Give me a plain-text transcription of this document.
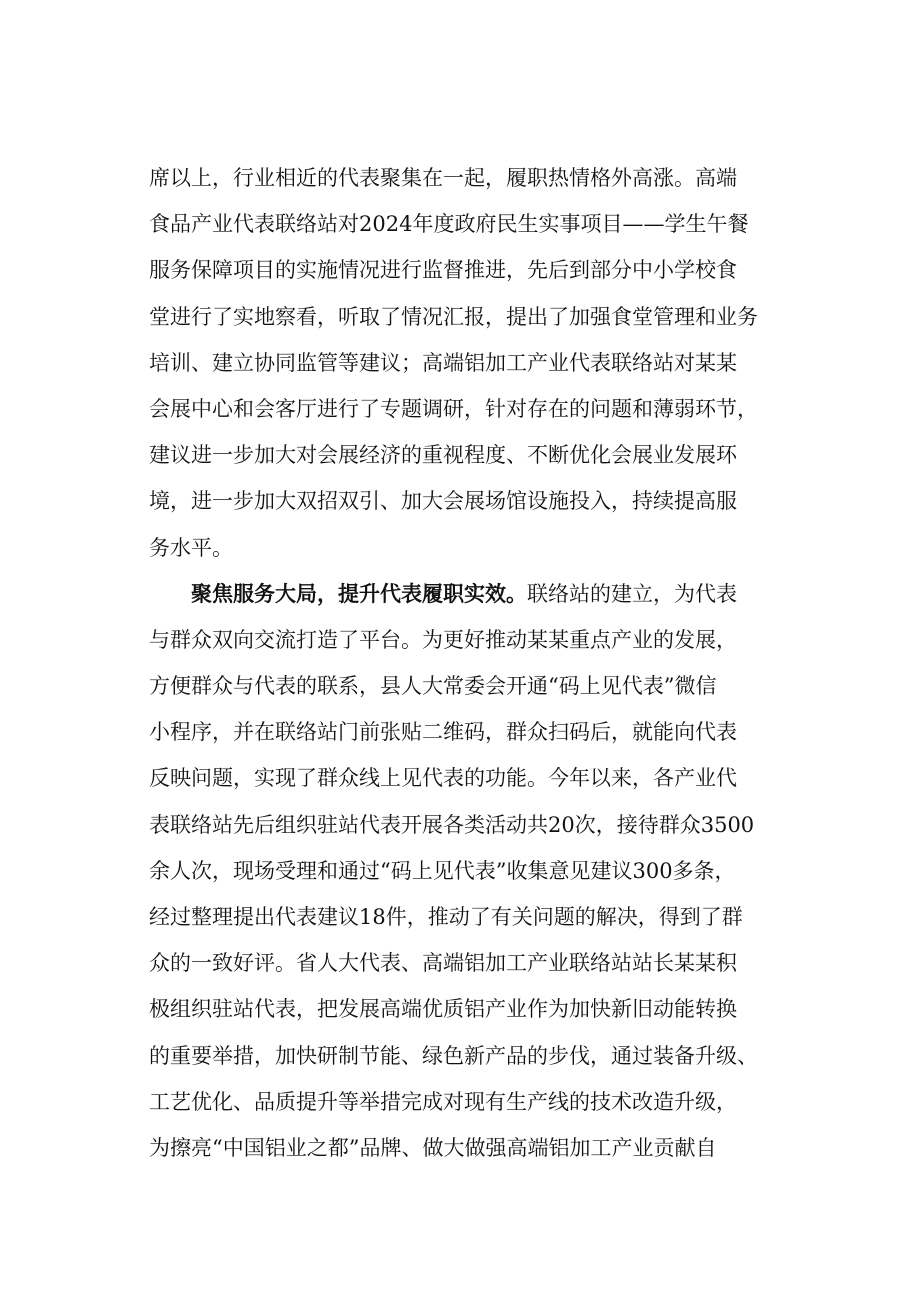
席以上，行业相近的代表聚集在一起，履职热情格外高涨。高端
食品产业代表联络站对2024年度政府民生实事项目——学生午餐
服务保障项目的实施情况进行监督推进，先后到部分中小学校食
堂进行了实地察看，听取了情况汇报，提出了加强食堂管理和业务
培训、建立协同监管等建议；高端铝加工产业代表联络站对某某
会展中心和会客厅进行了专题调研，针对存在的问题和薄弱环节，
建议进一步加大对会展经济的重视程度、不断优化会展业发展环
境，进一步加大双招双引、加大会展场馆设施投入，持续提高服
务水平。
聚焦服务大局，提升代表履职实效。联络站的建立，为代表
与群众双向交流打造了平台。为更好推动某某重点产业的发展，
方便群众与代表的联系，县人大常委会开通“码上见代表”微信
小程序，并在联络站门前张贴二维码，群众扫码后，就能向代表
反映问题，实现了群众线上见代表的功能。今年以来，各产业代
表联络站先后组织驻站代表开展各类活动共20次，接待群众3500
余人次，现场受理和通过“码上见代表”收集意见建议300多条，
经过整理提出代表建议18件，推动了有关问题的解决，得到了群
众的一致好评。省人大代表、高端铝加工产业联络站站长某某积
极组织驻站代表，把发展高端优质铝产业作为加快新旧动能转换
的重要举措，加快研制节能、绿色新产品的步伐，通过装备升级、
工艺优化、品质提升等举措完成对现有生产线的技术改造升级，
为擦亮“中国铝业之都”品牌、做大做强高端铝加工产业贡献自
